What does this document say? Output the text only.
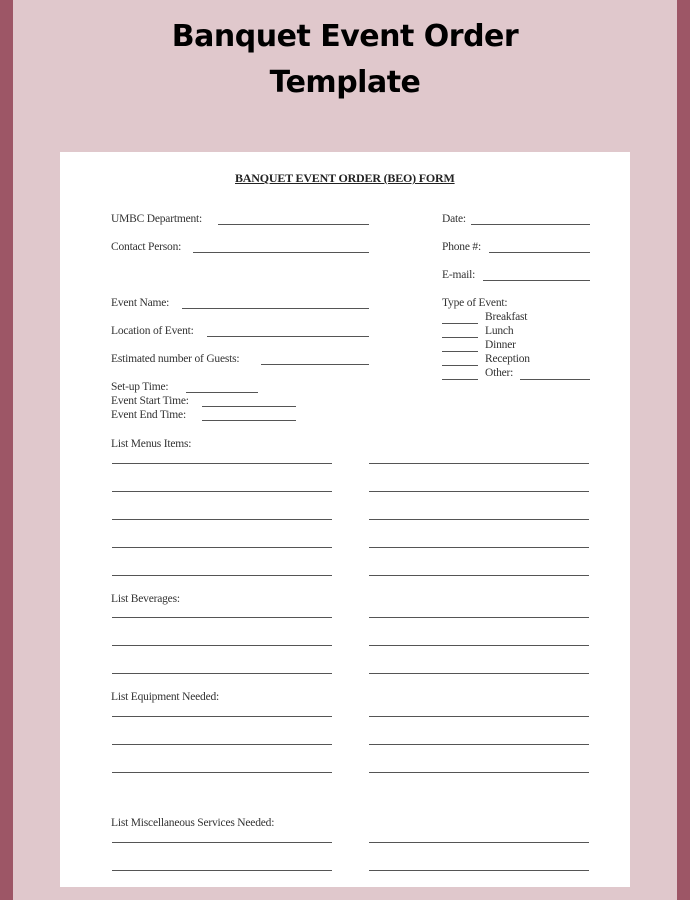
Banquet Event Order
Template
BANQUET EVENT ORDER (BEO) FORM
UMBC Department:
Contact Person:
Event Name:
Location of Event:
Estimated number of Guests:
Set-up Time:
Event Start Time:
Event End Time:
Date:
Phone #:
E-mail:
Type of Event:
Breakfast
Lunch
Dinner
Reception
Other:
List Menus Items:
List Beverages:
List Equipment Needed:
List Miscellaneous Services Needed:
